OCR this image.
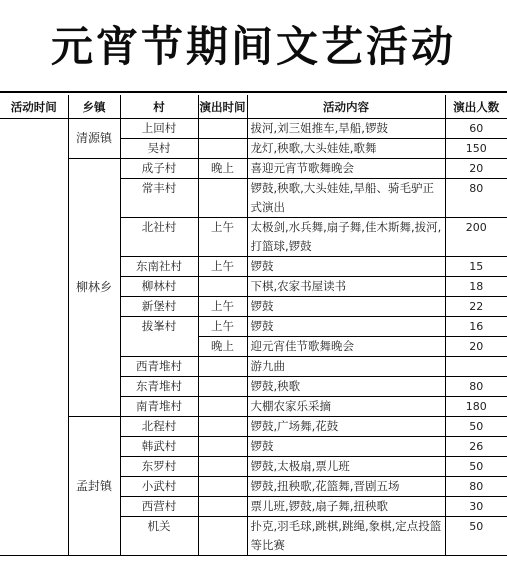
元宵节期间文艺活动
活动时间	乡镇	村	演出时间	活动内容	演出人数
	清源镇	上回村		拔河,刘三姐推车,旱船,锣鼓	60
		吴村		龙灯,秧歌,大头娃娃,歌舞	150
	柳林乡	成子村	晚上	喜迎元宵节歌舞晚会	20
		常丰村		锣鼓,秧歌,大头娃娃,旱船、骑毛驴正式演出	80
		北社村	上午	太极剑,水兵舞,扇子舞,佳木斯舞,拔河,打篮球,锣鼓	200
		东南社村	上午	锣鼓	15
		柳林村		下棋,农家书屋读书	18
		新堡村	上午	锣鼓	22
		拔峯村	上午	锣鼓	16
			晚上	迎元宵佳节歌舞晚会	20
		西青堆村		游九曲	
		东青堆村		锣鼓,秧歌	80
		南青堆村		大棚农家乐采摘	180
	孟封镇	北程村		锣鼓,广场舞,花鼓	50
		韩武村		锣鼓	26
		东罗村		锣鼓,太极扇,票儿班	50
		小武村		锣鼓,扭秧歌,花篮舞,晋剧五场	80
		西营村		票儿班,锣鼓,扇子舞,扭秧歌	30
		机关		扑克,羽毛球,跳棋,跳绳,象棋,定点投篮等比赛	50
